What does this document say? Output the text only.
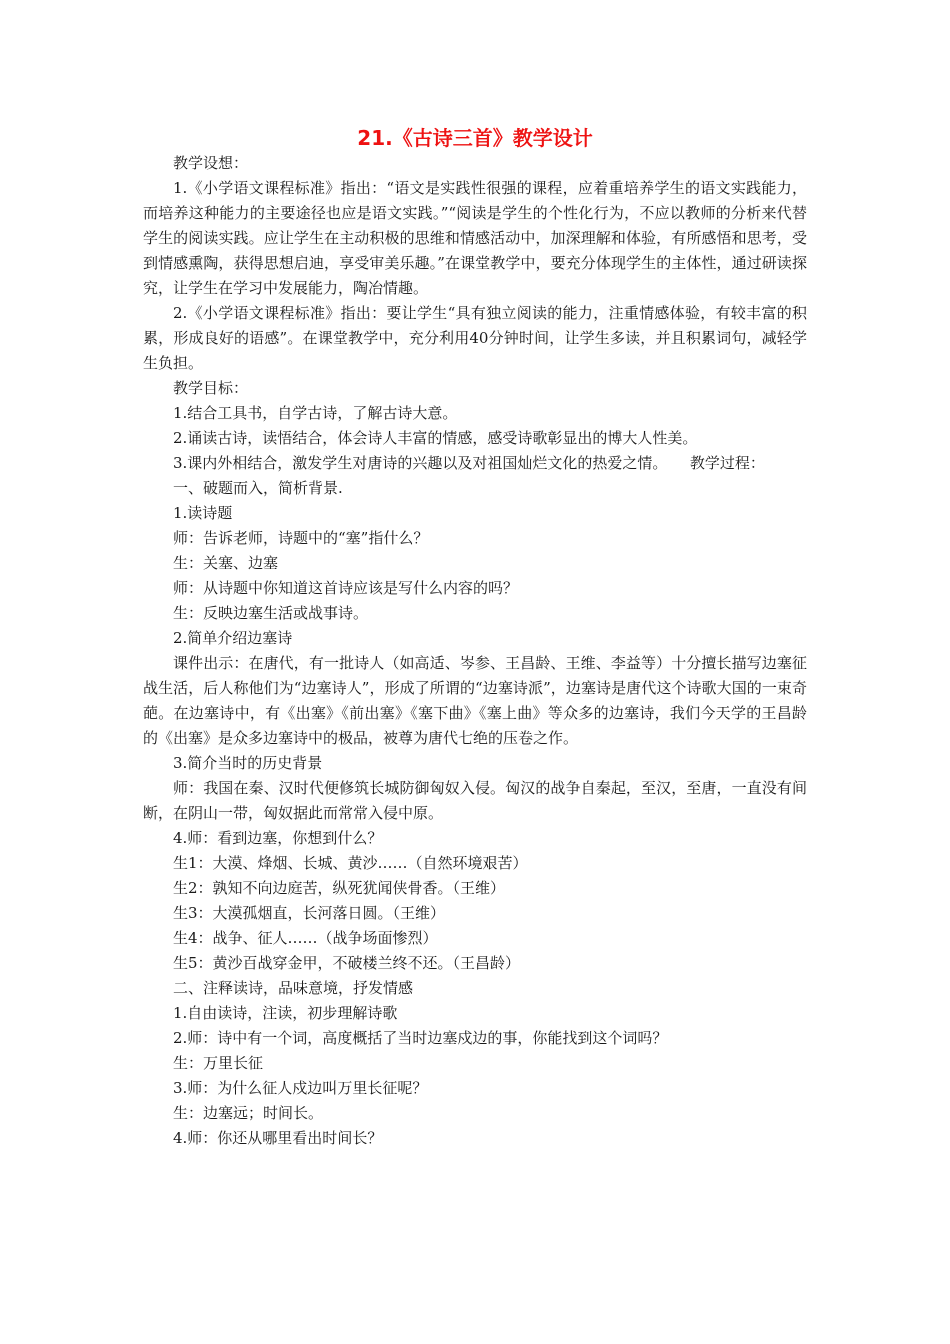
21.《古诗三首》教学设计

教学设想：

1.《小学语文课程标准》指出：“语文是实践性很强的课程，应着重培养学生的语文实践能力，而培养这种能力的主要途径也应是语文实践。”“阅读是学生的个性化行为，不应以教师的分析来代替学生的阅读实践。应让学生在主动积极的思维和情感活动中，加深理解和体验，有所感悟和思考，受到情感熏陶，获得思想启迪，享受审美乐趣。”在课堂教学中，要充分体现学生的主体性，通过研读探究，让学生在学习中发展能力，陶冶情趣。

2.《小学语文课程标准》指出：要让学生“具有独立阅读的能力，注重情感体验，有较丰富的积累，形成良好的语感”。在课堂教学中，充分利用40分钟时间，让学生多读，并且积累词句，减轻学生负担。

教学目标：

1.结合工具书，自学古诗，了解古诗大意。

2.诵读古诗，读悟结合，体会诗人丰富的情感，感受诗歌彰显出的博大人性美。

3.课内外相结合，激发学生对唐诗的兴趣以及对祖国灿烂文化的热爱之情。　　教学过程：

一、破题而入，简析背景.

1.读诗题

师：告诉老师，诗题中的“塞”指什么？

生：关塞、边塞

师：从诗题中你知道这首诗应该是写什么内容的吗？

生：反映边塞生活或战事诗。

2.简单介绍边塞诗

课件出示：在唐代，有一批诗人（如高适、岑参、王昌龄、王维、李益等）十分擅长描写边塞征战生活，后人称他们为“边塞诗人”，形成了所谓的“边塞诗派”，边塞诗是唐代这个诗歌大国的一束奇葩。在边塞诗中，有《出塞》《前出塞》《塞下曲》《塞上曲》等众多的边塞诗，我们今天学的王昌龄的《出塞》是众多边塞诗中的极品，被尊为唐代七绝的压卷之作。

3.简介当时的历史背景

师：我国在秦、汉时代便修筑长城防御匈奴入侵。匈汉的战争自秦起，至汉，至唐，一直没有间断，在阴山一带，匈奴据此而常常入侵中原。

4.师：看到边塞，你想到什么？

生1：大漠、烽烟、长城、黄沙……（自然环境艰苦）

生2：孰知不向边庭苦，纵死犹闻侠骨香。（王维）

生3：大漠孤烟直，长河落日圆。（王维）

生4：战争、征人……（战争场面惨烈）

生5：黄沙百战穿金甲，不破楼兰终不还。（王昌龄）

二、注释读诗，品味意境，抒发情感

1.自由读诗，注读，初步理解诗歌

2.师：诗中有一个词，高度概括了当时边塞戍边的事，你能找到这个词吗？

生：万里长征

3.师：为什么征人戍边叫万里长征呢？

生：边塞远；时间长。

4.师：你还从哪里看出时间长？
